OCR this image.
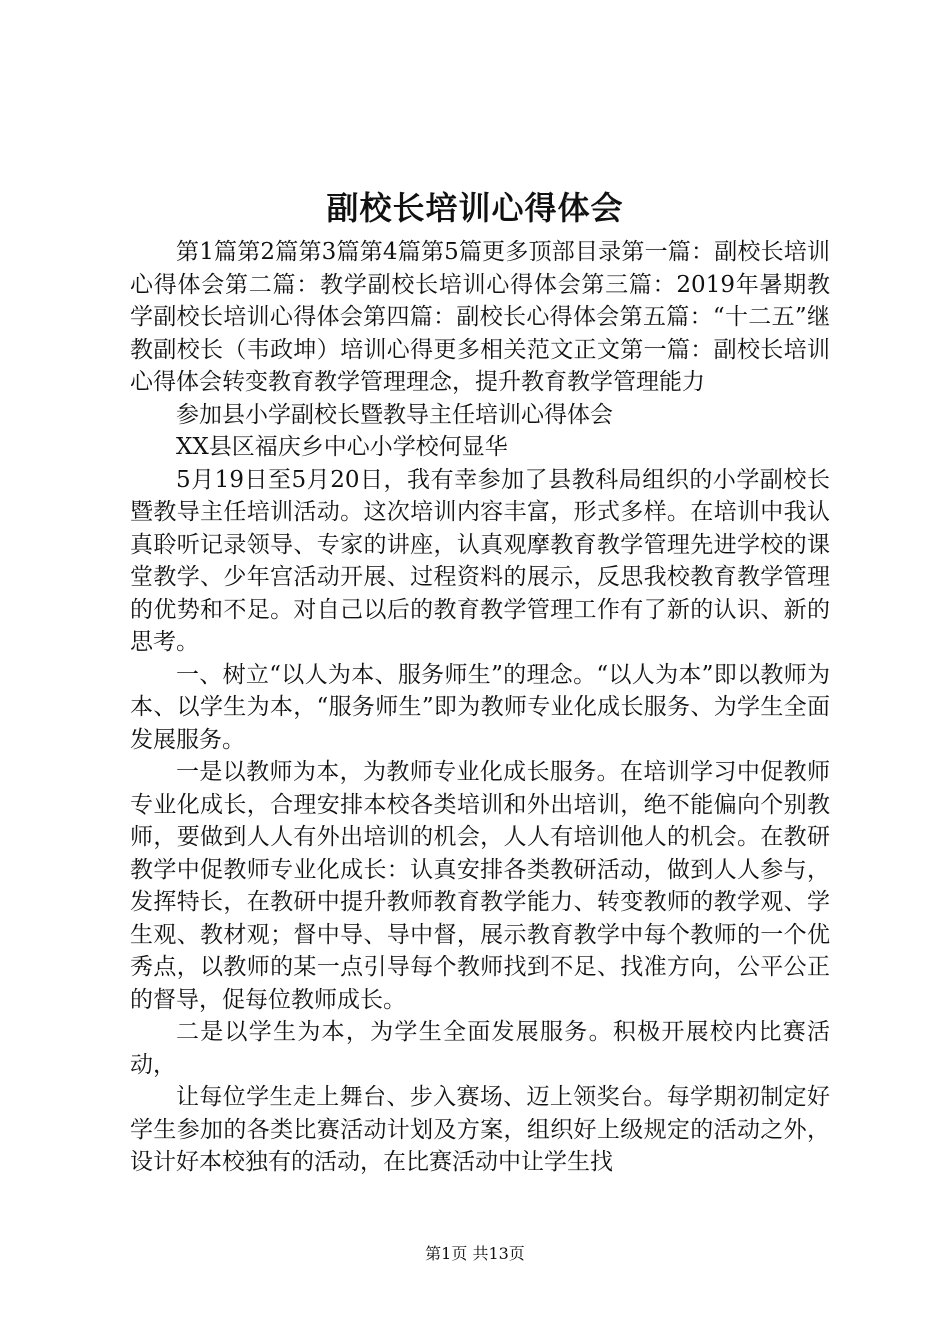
副校长培训心得体会

第1篇第2篇第3篇第4篇第5篇更多顶部目录第一篇：副校长培训心得体会第二篇：教学副校长培训心得体会第三篇：2019年暑期教学副校长培训心得体会第四篇：副校长心得体会第五篇：“十二五”继教副校长（韦政坤）培训心得更多相关范文正文第一篇：副校长培训心得体会转变教育教学管理理念，提升教育教学管理能力

参加县小学副校长暨教导主任培训心得体会

XX县区福庆乡中心小学校何显华

5月19日至5月20日，我有幸参加了县教科局组织的小学副校长暨教导主任培训活动。这次培训内容丰富，形式多样。在培训中我认真聆听记录领导、专家的讲座，认真观摩教育教学管理先进学校的课堂教学、少年宫活动开展、过程资料的展示，反思我校教育教学管理的优势和不足。对自己以后的教育教学管理工作有了新的认识、新的思考。

一、树立“以人为本、服务师生”的理念。“以人为本”即以教师为本、以学生为本，“服务师生”即为教师专业化成长服务、为学生全面发展服务。

一是以教师为本，为教师专业化成长服务。在培训学习中促教师专业化成长，合理安排本校各类培训和外出培训，绝不能偏向个别教师，要做到人人有外出培训的机会，人人有培训他人的机会。在教研教学中促教师专业化成长：认真安排各类教研活动，做到人人参与，发挥特长，在教研中提升教师教育教学能力、转变教师的教学观、学生观、教材观；督中导、导中督，展示教育教学中每个教师的一个优秀点，以教师的某一点引导每个教师找到不足、找准方向，公平公正的督导，促每位教师成长。

二是以学生为本，为学生全面发展服务。积极开展校内比赛活动，

让每位学生走上舞台、步入赛场、迈上领奖台。每学期初制定好学生参加的各类比赛活动计划及方案，组织好上级规定的活动之外，设计好本校独有的活动，在比赛活动中让学生找

第1页 共13页
